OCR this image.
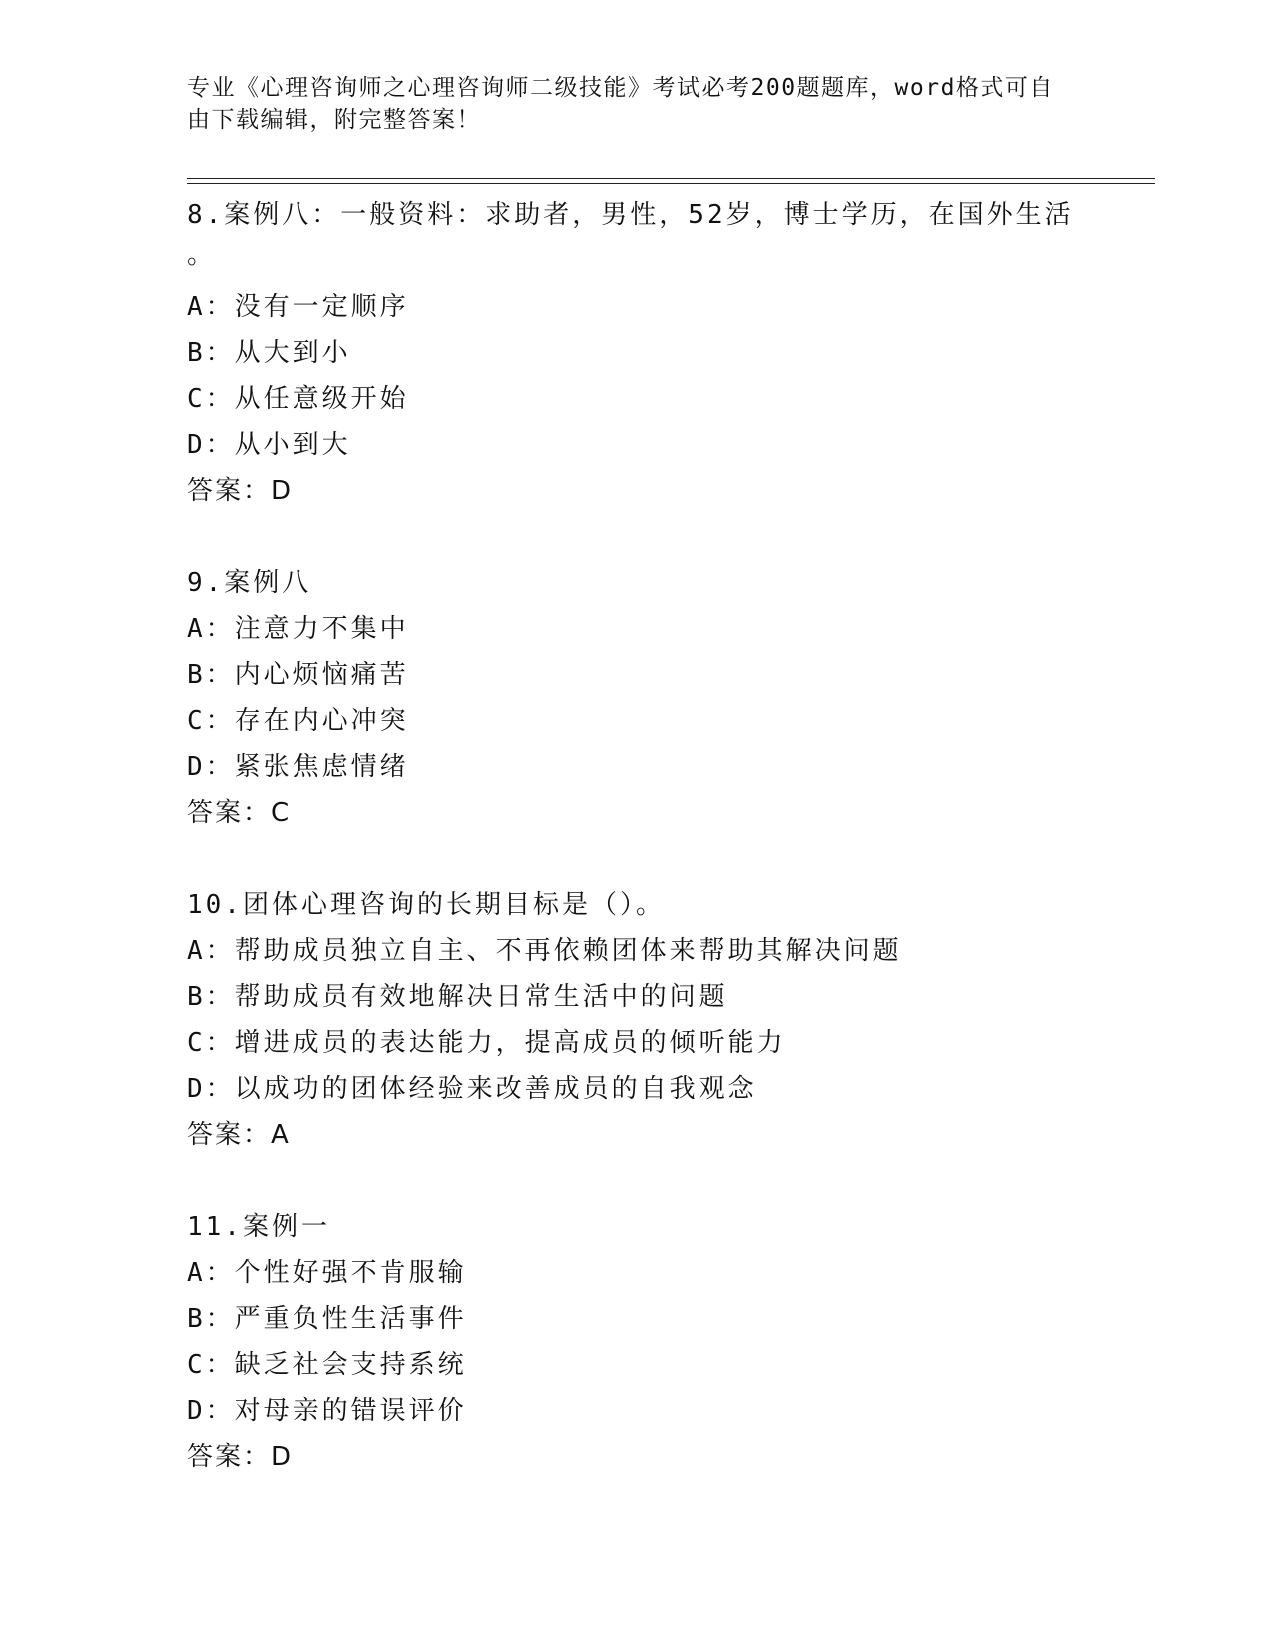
专业《心理咨询师之心理咨询师二级技能》考试必考200题题库，word格式可自
由下载编辑，附完整答案！
8.案例八：一般资料：求助者，男性，52岁，博士学历，在国外生活
。
A：没有一定顺序
B：从大到小
C：从任意级开始
D：从小到大
答案：D
9.案例八
A：注意力不集中
B：内心烦恼痛苦
C：存在内心冲突
D：紧张焦虑情绪
答案：C
10.团体心理咨询的长期目标是（）。
A：帮助成员独立自主、不再依赖团体来帮助其解决问题
B：帮助成员有效地解决日常生活中的问题
C：增进成员的表达能力，提高成员的倾听能力
D：以成功的团体经验来改善成员的自我观念
答案：A
11.案例一
A：个性好强不肯服输
B：严重负性生活事件
C：缺乏社会支持系统
D：对母亲的错误评价
答案：D
